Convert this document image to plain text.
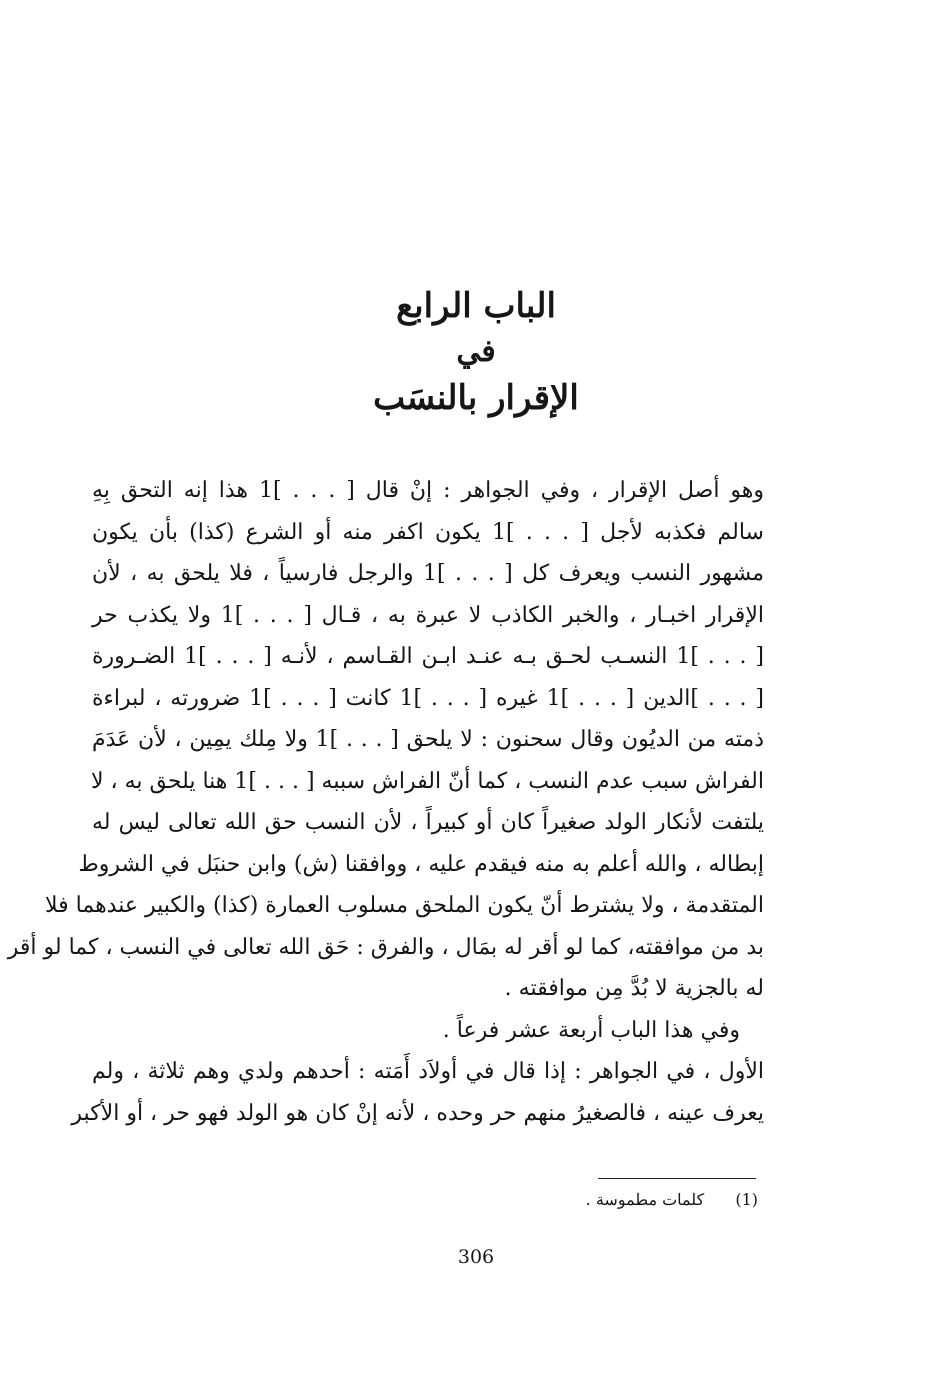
الباب الرابع
في
الإقرار بالنسَب
وهو أصل الإقرار ، وفي الجواهر : إنْ قال [ . . . ]1 هذا إنه التحق بِهِ
سالم فكذبه لأجل [ . . . ]1 يكون اكفر منه أو الشرع (كذا) بأن يكون
مشهور النسب ويعرف كل [ . . . ]1 والرجل فارسياً ، فلا يلحق به ، لأن
الإقرار اخبـار ، والخبر الكاذب لا عبرة به ، قـال [ . . . ]1 ولا يكذب حر
[ . . . ]1 النسـب لحـق بـه عنـد ابـن القـاسم ، لأنـه [ . . . ]1 الضـرورة
[ . . . ]الدين [ . . . ]1 غيره [ . . . ]1 كانت [ . . . ]1 ضرورته ، لبراءة
ذمته من الديُون وقال سحنون : لا يلحق [ . . . ]1 ولا مِلك يمِين ، لأن عَدَمَ
الفراش سبب عدم النسب ، كما أنّ الفراش سببه [ . . . ]1 هنا يلحق به ، لا
يلتفت لأنكار الولد صغيراً كان أو كبيراً ، لأن النسب حق الله تعالى ليس له
إبطاله ، والله أعلم به منه فيقدم عليه ، ووافقنا (ش) وابن حنبَل في الشروط
المتقدمة ، ولا يشترط أنّ يكون الملحق مسلوب العمارة (كذا) والكبير عندهما فلا
بد من موافقته، كما لو أقر له بمَال ، والفرق : حَق الله تعالى في النسب ، كما لو أقر
له بالجزية لا بُدَّ مِن موافقته .
وفي هذا الباب أربعة عشر فرعاً .
الأول ، في الجواهر : إذا قال في أولاَد أَمَته : أحدهم ولدي وهم ثلاثة ، ولم
يعرف عينه ، فالصغيرُ منهم حر وحده ، لأنه إنْ كان هو الولد فهو حر ، أو الأكبر
(1) كلمات مطموسة .
306
